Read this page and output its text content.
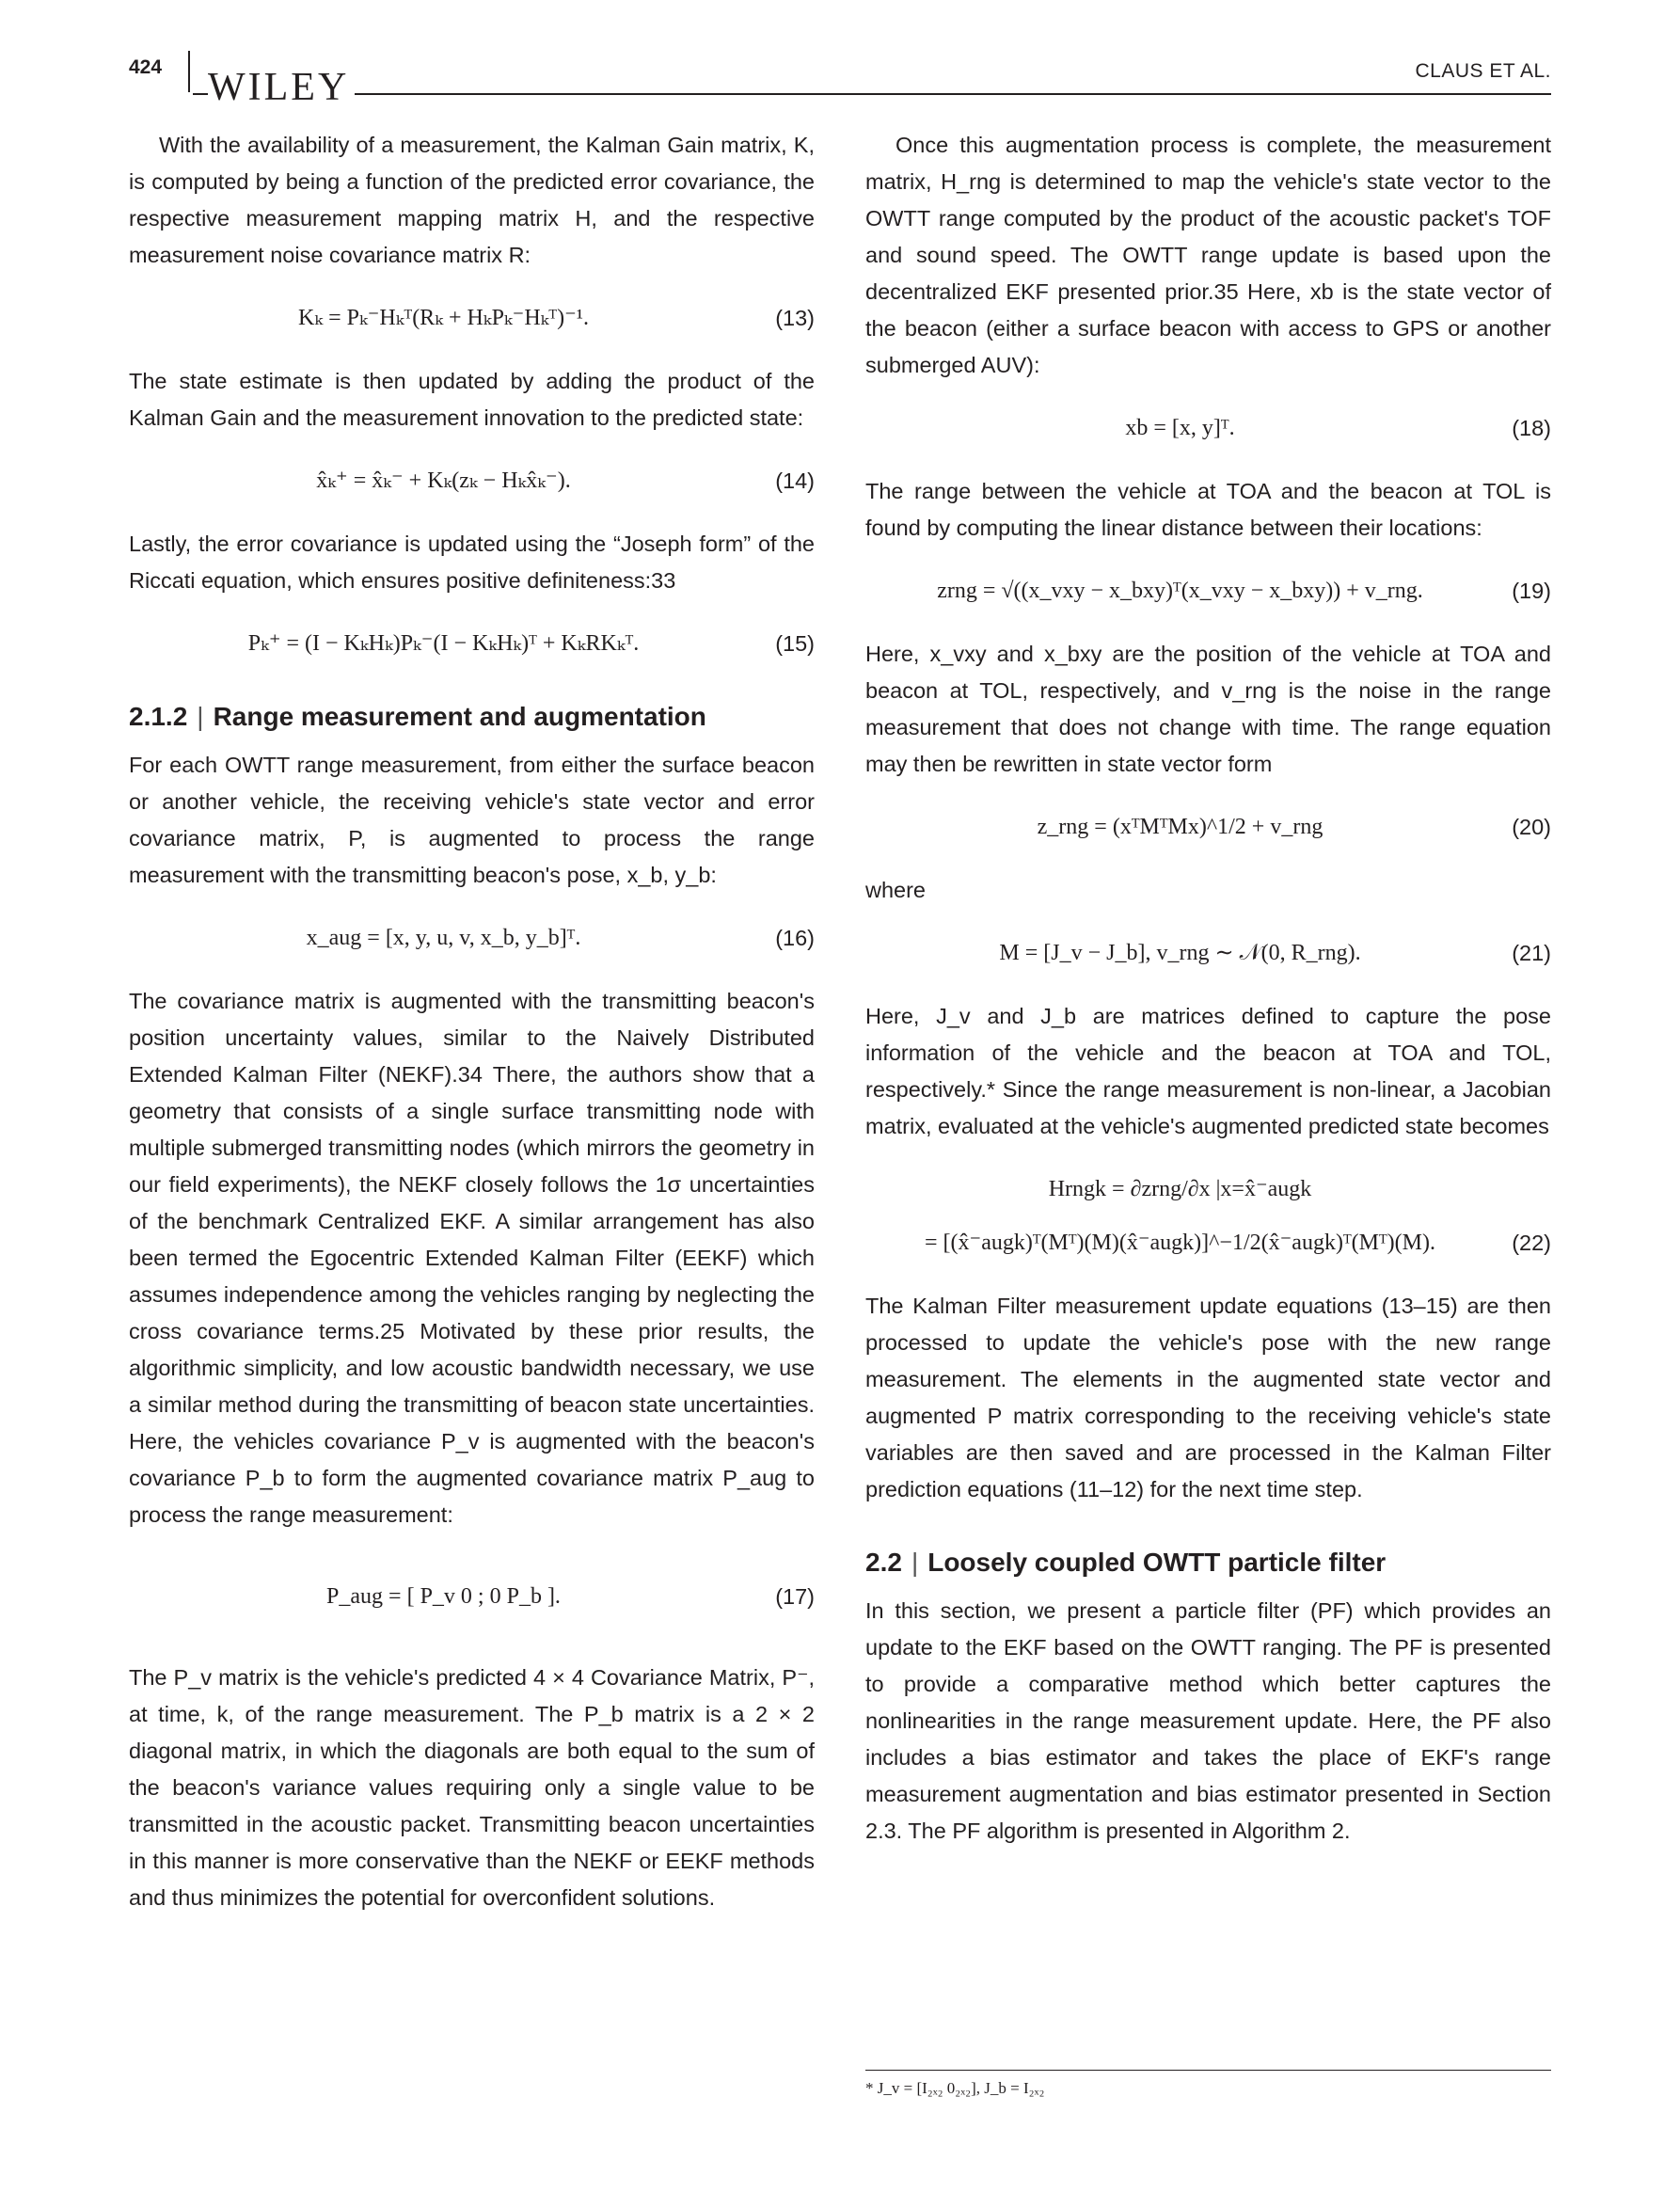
424 WILEY	CLAUS ET AL.

With the availability of a measurement, the Kalman Gain matrix, K, is computed by being a function of the predicted error covariance, the respective measurement mapping matrix H, and the respective measurement noise covariance matrix R:

Kₖ = Pₖ⁻Hₖᵀ(Rₖ + HₖPₖ⁻Hₖᵀ)⁻¹.	(13)

The state estimate is then updated by adding the product of the Kalman Gain and the measurement innovation to the predicted state:

x̂ₖ⁺ = x̂ₖ⁻ + Kₖ(zₖ − Hₖx̂ₖ⁻).	(14)

Lastly, the error covariance is updated using the “Joseph form” of the Riccati equation, which ensures positive definiteness:33

Pₖ⁺ = (I − KₖHₖ)Pₖ⁻(I − KₖHₖ)ᵀ + KₖRKₖᵀ.	(15)
2.1.2 | Range measurement and augmentation

For each OWTT range measurement, from either the surface beacon or another vehicle, the receiving vehicle's state vector and error covariance matrix, P, is augmented to process the range measurement with the transmitting beacon's pose, x_b, y_b:

x_aug = [x, y, u, v, x_b, y_b]ᵀ.	(16)

The covariance matrix is augmented with the transmitting beacon's position uncertainty values, similar to the Naively Distributed Extended Kalman Filter (NEKF).34 There, the authors show that a geometry that consists of a single surface transmitting node with multiple submerged transmitting nodes (which mirrors the geometry in our field experiments), the NEKF closely follows the 1σ uncertainties of the benchmark Centralized EKF. A similar arrangement has also been termed the Egocentric Extended Kalman Filter (EEKF) which assumes independence among the vehicles ranging by neglecting the cross covariance terms.25 Motivated by these prior results, the algorithmic simplicity, and low acoustic bandwidth necessary, we use a similar method during the transmitting of beacon state uncertainties. Here, the vehicles covariance P_v is augmented with the beacon's covariance P_b to form the augmented covariance matrix P_aug to process the range measurement:

P_aug = [ P_v 0 ; 0 P_b ].	(17)

The P_v matrix is the vehicle's predicted 4 × 4 Covariance Matrix, P⁻, at time, k, of the range measurement. The P_b matrix is a 2 × 2 diagonal matrix, in which the diagonals are both equal to the sum of the beacon's variance values requiring only a single value to be transmitted in the acoustic packet. Transmitting beacon uncertainties in this manner is more conservative than the NEKF or EEKF methods and thus minimizes the potential for overconfident solutions.

Once this augmentation process is complete, the measurement matrix, H_rng is determined to map the vehicle's state vector to the OWTT range computed by the product of the acoustic packet's TOF and sound speed. The OWTT range update is based upon the decentralized EKF presented prior.35 Here, xb is the state vector of the beacon (either a surface beacon with access to GPS or another submerged AUV):

xb = [x, y]ᵀ.	(18)

The range between the vehicle at TOA and the beacon at TOL is found by computing the linear distance between their locations:

zrng = √((x_vxy − x_bxy)ᵀ(x_vxy − x_bxy)) + v_rng.	(19)

Here, x_vxy and x_bxy are the position of the vehicle at TOA and beacon at TOL, respectively, and v_rng is the noise in the range measurement that does not change with time. The range equation may then be rewritten in state vector form

z_rng = (xᵀMᵀMx)^1/2 + v_rng	(20)

where

M = [J_v − J_b], v_rng ∼ 𝒩(0, R_rng).	(21)

Here, J_v and J_b are matrices defined to capture the pose information of the vehicle and the beacon at TOA and TOL, respectively.* Since the range measurement is non-linear, a Jacobian matrix, evaluated at the vehicle's augmented predicted state becomes

Hrngk = ∂zrng/∂x |x=x̂⁻augk
= [(x̂⁻augk)ᵀ(Mᵀ)(M)(x̂⁻augk)]^−1/2(x̂⁻augk)ᵀ(Mᵀ)(M).	(22)

The Kalman Filter measurement update equations (13–15) are then processed to update the vehicle's pose with the new range measurement. The elements in the augmented state vector and augmented P matrix corresponding to the receiving vehicle's state variables are then saved and are processed in the Kalman Filter prediction equations (11–12) for the next time step.

2.2 | Loosely coupled OWTT particle filter

In this section, we present a particle filter (PF) which provides an update to the EKF based on the OWTT ranging. The PF is presented to provide a comparative method which better captures the nonlinearities in the range measurement update. Here, the PF also includes a bias estimator and takes the place of EKF's range measurement augmentation and bias estimator presented in Section 2.3. The PF algorithm is presented in Algorithm 2.

* J_v = [I₂ₓ₂ 0₂ₓ₂], J_b = I₂ₓ₂
